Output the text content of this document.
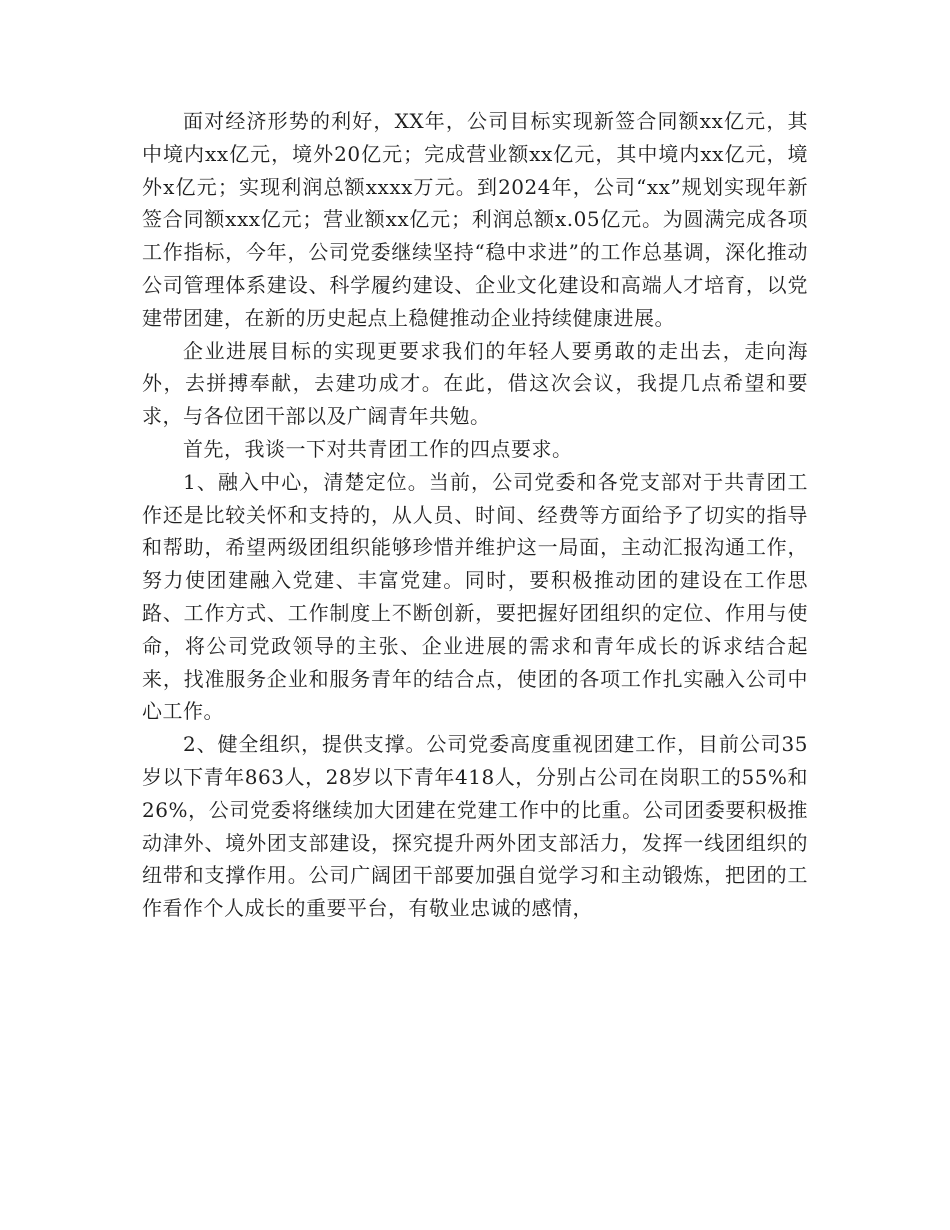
面对经济形势的利好，XX年，公司目标实现新签合同额xx亿元，其中境内xx亿元，境外20亿元；完成营业额xx亿元，其中境内xx亿元，境外x亿元；实现利润总额xxxx万元。到2024年，公司“xx”规划实现年新签合同额xxx亿元；营业额xx亿元；利润总额x.05亿元。为圆满完成各项工作指标，今年，公司党委继续坚持“稳中求进”的工作总基调，深化推动公司管理体系建设、科学履约建设、企业文化建设和高端人才培育，以党建带团建，在新的历史起点上稳健推动企业持续健康进展。

企业进展目标的实现更要求我们的年轻人要勇敢的走出去，走向海外，去拼搏奉献，去建功成才。在此，借这次会议，我提几点希望和要求，与各位团干部以及广阔青年共勉。

首先，我谈一下对共青团工作的四点要求。

1、融入中心，清楚定位。当前，公司党委和各党支部对于共青团工作还是比较关怀和支持的，从人员、时间、经费等方面给予了切实的指导和帮助，希望两级团组织能够珍惜并维护这一局面，主动汇报沟通工作，努力使团建融入党建、丰富党建。同时，要积极推动团的建设在工作思路、工作方式、工作制度上不断创新，要把握好团组织的定位、作用与使命，将公司党政领导的主张、企业进展的需求和青年成长的诉求结合起来，找准服务企业和服务青年的结合点，使团的各项工作扎实融入公司中心工作。

2、健全组织，提供支撑。公司党委高度重视团建工作，目前公司35岁以下青年863人，28岁以下青年418人，分别占公司在岗职工的55%和26%，公司党委将继续加大团建在党建工作中的比重。公司团委要积极推动津外、境外团支部建设，探究提升两外团支部活力，发挥一线团组织的纽带和支撑作用。公司广阔团干部要加强自觉学习和主动锻炼，把团的工作看作个人成长的重要平台，有敬业忠诚的感情，
